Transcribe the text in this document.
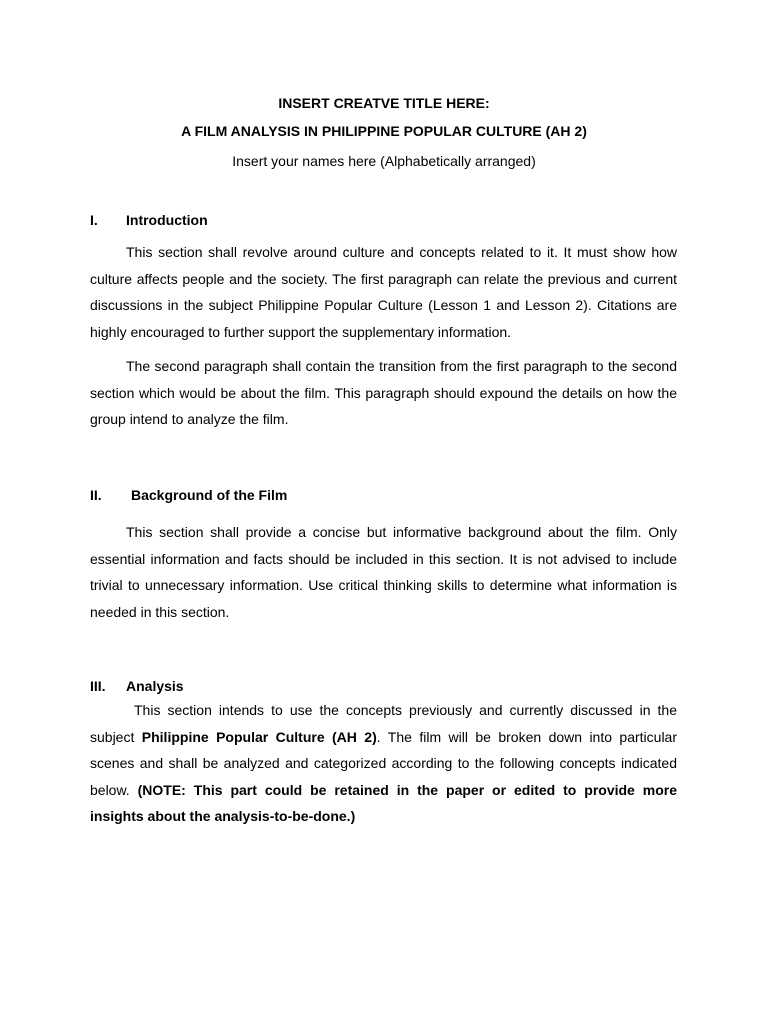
INSERT CREATVE TITLE HERE:
A FILM ANALYSIS IN PHILIPPINE POPULAR CULTURE (AH 2)
Insert your names here (Alphabetically arranged)
I.	Introduction

This section shall revolve around culture and concepts related to it. It must show how culture affects people and the society. The first paragraph can relate the previous and current discussions in the subject Philippine Popular Culture (Lesson 1 and Lesson 2). Citations are highly encouraged to further support the supplementary information.

The second paragraph shall contain the transition from the first paragraph to the second section which would be about the film. This paragraph should expound the details on how the group intend to analyze the film.

II.	Background of the Film

This section shall provide a concise but informative background about the film. Only essential information and facts should be included in this section. It is not advised to include trivial to unnecessary information. Use critical thinking skills to determine what information is needed in this section.

III.	Analysis

This section intends to use the concepts previously and currently discussed in the subject Philippine Popular Culture (AH 2). The film will be broken down into particular scenes and shall be analyzed and categorized according to the following concepts indicated below. (NOTE: This part could be retained in the paper or edited to provide more insights about the analysis-to-be-done.)
